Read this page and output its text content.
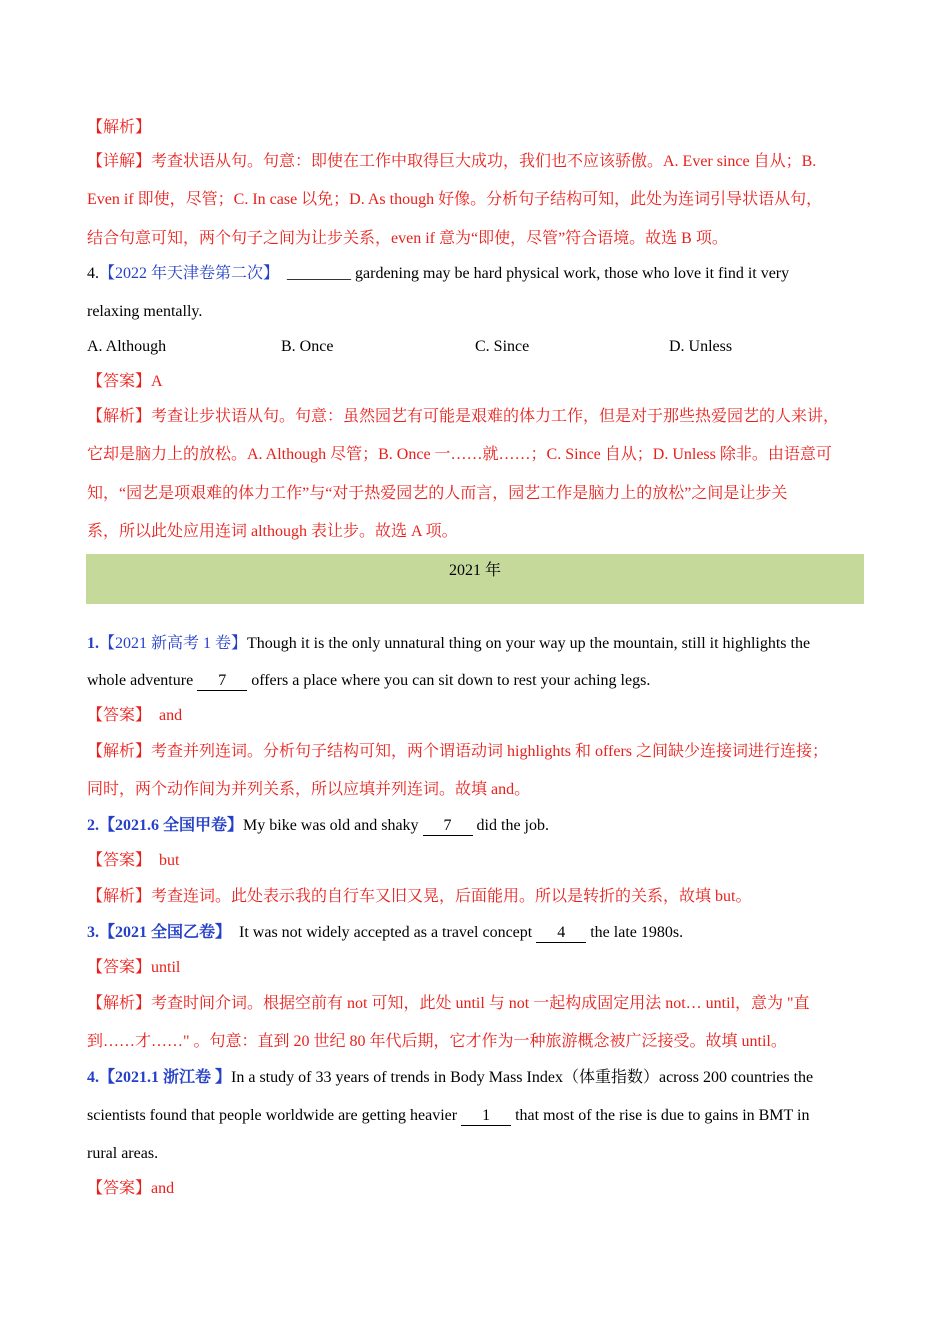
【解析】
【详解】考查状语从句。句意：即使在工作中取得巨大成功，我们也不应该骄傲。A. Ever since 自从；B.
Even if 即使，尽管；C. In case 以免；D. As though 好像。分析句子结构可知，此处为连词引导状语从句，
结合句意可知，两个句子之间为让步关系，even if 意为“即使，尽管”符合语境。故选 B 项。
4.【2022 年天津卷第二次】 ________ gardening may be hard physical work, those who love it find it very
relaxing mentally.
A. Although	B. Once	C. Since	D. Unless
【答案】A
【解析】考查让步状语从句。句意：虽然园艺有可能是艰难的体力工作，但是对于那些热爱园艺的人来讲，
它却是脑力上的放松。A. Although 尽管；B. Once 一……就……；C. Since 自从；D. Unless 除非。由语意可
知，“园艺是项艰难的体力工作”与“对于热爱园艺的人而言，园艺工作是脑力上的放松”之间是让步关
系，所以此处应用连词 although 表让步。故选 A 项。
2021 年
1.【2021 新高考 1 卷】Though it is the only unnatural thing on your way up the mountain, still it highlights the
whole adventure 7 offers a place where you can sit down to rest your aching legs.
【答案】 and
【解析】考查并列连词。分析句子结构可知，两个谓语动词 highlights 和 offers 之间缺少连接词进行连接；
同时，两个动作间为并列关系，所以应填并列连词。故填 and。
2.【2021.6 全国甲卷】My bike was old and shaky 7 did the job.
【答案】 but
【解析】考查连词。此处表示我的自行车又旧又晃，后面能用。所以是转折的关系，故填 but。
3.【2021 全国乙卷】 It was not widely accepted as a travel concept 4 the late 1980s.
【答案】until
【解析】考查时间介词。根据空前有 not 可知，此处 until 与 not 一起构成固定用法 not… until，意为 "直
到……才……" 。句意：直到 20 世纪 80 年代后期，它才作为一种旅游概念被广泛接受。故填 until。
4.【2021.1 浙江卷 】In a study of 33 years of trends in Body Mass Index（体重指数）across 200 countries the
scientists found that people worldwide are getting heavier 1 that most of the rise is due to gains in BMT in
rural areas.
【答案】and
